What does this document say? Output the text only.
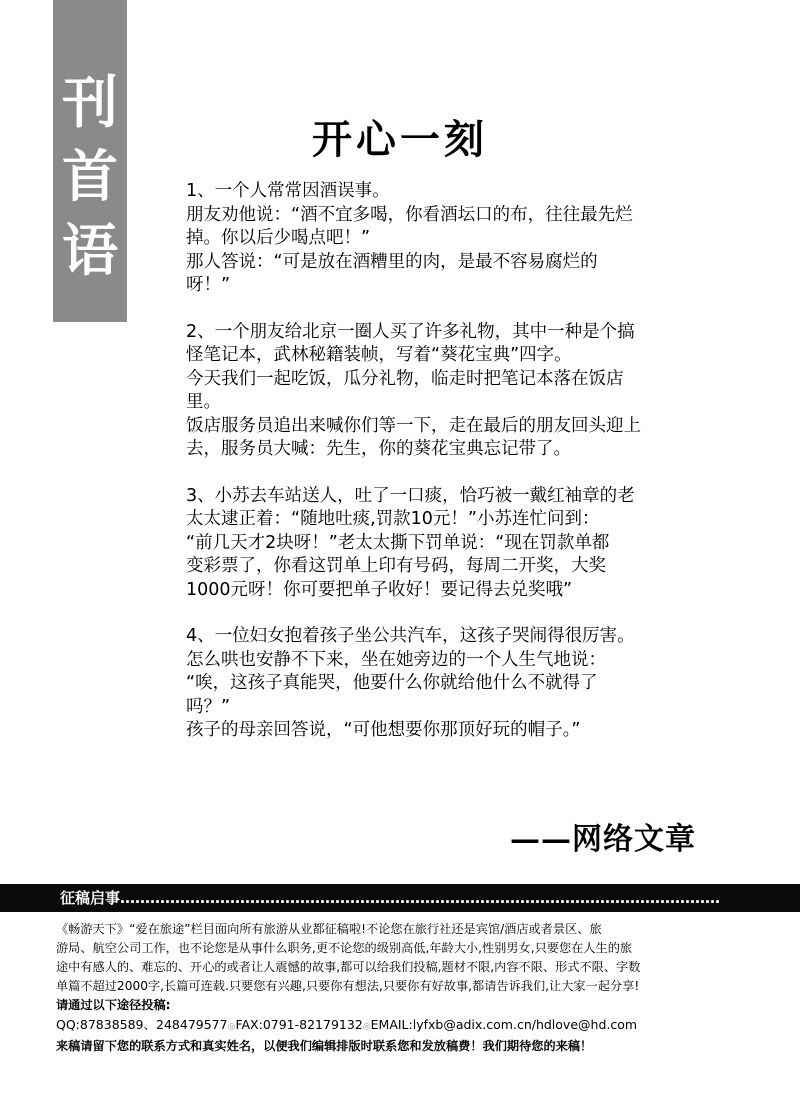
刊
首
语
开心一刻
1、一个人常常因酒误事。
朋友劝他说：“酒不宜多喝，你看酒坛口的布，往往最先烂
掉。你以后少喝点吧！”
那人答说：“可是放在酒糟里的肉，是最不容易腐烂的
呀！”
2、一个朋友给北京一圈人买了许多礼物，其中一种是个搞
怪笔记本，武林秘籍装帧，写着“葵花宝典”四字。
今天我们一起吃饭，瓜分礼物，临走时把笔记本落在饭店
里。
饭店服务员追出来喊你们等一下，走在最后的朋友回头迎上
去，服务员大喊：先生，你的葵花宝典忘记带了。
3、小苏去车站送人，吐了一口痰，恰巧被一戴红袖章的老
太太逮正着：“随地吐痰,罚款10元！”小苏连忙问到：
“前几天才2块呀！”老太太撕下罚单说：“现在罚款单都
变彩票了，你看这罚单上印有号码，每周二开奖，大奖
1000元呀！你可要把单子收好！要记得去兑奖哦”
4、一位妇女抱着孩子坐公共汽车，这孩子哭闹得很厉害。
怎么哄也安静不下来，坐在她旁边的一个人生气地说：
“唉，这孩子真能哭，他要什么你就给他什么不就得了
吗？”
孩子的母亲回答说，“可他想要你那顶好玩的帽子。”
——网络文章
征稿启事…………………………………………………………………………………………………………
《畅游天下》“爱在旅途”栏目面向所有旅游从业都征稿啦!不论您在旅行社还是宾馆/酒店或者景区、旅
游局、航空公司工作，也不论您是从事什么职务,更不论您的级别高低,年龄大小,性别男女,只要您在人生的旅
途中有感人的、难忘的、开心的或者让人震憾的故事,都可以给我们投稿,题材不限,内容不限、形式不限、字数
单篇不超过2000字,长篇可连载.只要您有兴趣,只要你有想法,只要你有好故事,都请告诉我们,让大家一起分享!
请通过以下途径投稿:
QQ:87838589、248479577◎FAX:0791-82179132◎EMAIL:lyfxb@adix.com.cn/hdlove@hd.com
来稿请留下您的联系方式和真实姓名，以便我们编辑排版时联系您和发放稿费！我们期待您的来稿！
